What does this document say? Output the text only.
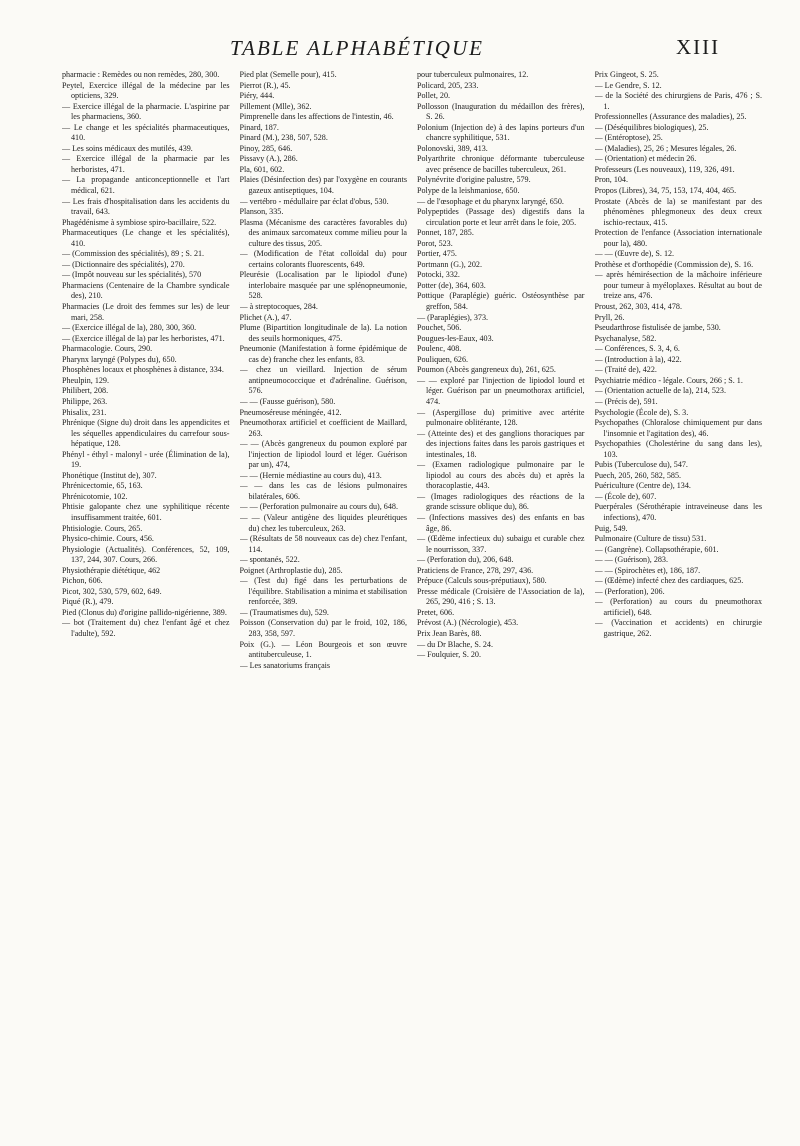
TABLE ALPHABÉTIQUE	XIII

pharmacie : Remèdes ou non remèdes, 280, 300.

Peytel, Exercice illégal de la médecine par les opticiens, 329.

— Exercice illégal de la pharmacie. L'aspirine par les pharmaciens, 360.

— Le change et les spécialités pharmaceutiques, 410.

— Les soins médicaux des mutilés, 439.

— Exercice illégal de la pharmacie par les herboristes, 471.

— La propagande anticonceptionnelle et l'art médical, 621.

— Les frais d'hospitalisation dans les accidents du travail, 643.

Phagédénisme à symbiose spiro-bacillaire, 522.

Pharmaceutiques (Le change et les spécialités), 410.

— (Commission des spécialités), 89 ; S. 21.

— (Dictionnaire des spécialités), 270.

— (Impôt nouveau sur les spécialités), 570

Pharmaciens (Centenaire de la Chambre syndicale des), 210.

Pharmacies (Le droit des femmes sur les) de leur mari, 258.

— (Exercice illégal de la), 280, 300, 360.

— (Exercice illégal de la) par les herboristes, 471.

Pharmacologie. Cours, 290.

Pharynx laryngé (Polypes du), 650.

Phosphènes locaux et phosphènes à distance, 334.

Pheulpin, 129.

Philibert, 208.

Philippe, 263.

Phisalix, 231.

Phrénique (Signe du) droit dans les appendicites et les séquelles appendiculaires du carrefour sous-hépatique, 128.

Phényl - éthyl - malonyl - urée (Élimination de la), 19.

Phonétique (Institut de), 307.

Phrénicectomie, 65, 163.

Phrénicotomie, 102.

Phtisie galopante chez une syphilitique récente insuffisamment traitée, 601.

Phtisiologie. Cours, 265.

Physico-chimie. Cours, 456.

Physiologie (Actualités). Conférences, 52, 109, 137, 244, 307. Cours, 266.

Physiothérapie diététique, 462

Pichon, 606.

Picot, 302, 530, 579, 602, 649.

Piqué (R.), 479.

Pied (Clonus du) d'origine pallido-nigérienne, 389.

— bot (Traitement du) chez l'enfant âgé et chez l'adulte), 592.

Pied plat (Semelle pour), 415.

Pierrot (R.), 45.

Piéry, 444.

Pillement (Mlle), 362.

Pimprenelle dans les affections de l'intestin, 46.

Pinard, 187.

Pinard (M.), 238, 507, 528.

Pinoy, 285, 646.

Pissavy (A.), 286.

Pla, 601, 602.

Plaies (Désinfection des) par l'oxygène en courants gazeux antiseptiques, 104.

— vertébro - médullaire par éclat d'obus, 530.

Planson, 335.

Plasma (Mécanisme des caractères favorables du) des animaux sarcomateux comme milieu pour la culture des tissus, 205.

— (Modification de l'état colloïdal du) pour certains colorants fluorescents, 649.

Pleurésie (Localisation par le lipiodol d'une) interlobaire masquée par une splénopneumonie, 528.

— à streptocoques, 284.

Plichet (A.), 47.

Plume (Bipartition longitudinale de la). La notion des seuils hormoniques, 475.

Pneumonie (Manifestation à forme épidémique de cas de) franche chez les enfants, 83.

— chez un vieillard. Injection de sérum antipneumococcique et d'adrénaline. Guérison, 576.

— — (Fausse guérison), 580.

Pneumoséreuse méningée, 412.

Pneumothorax artificiel et coefficient de Maillard, 263.

— — (Abcès gangreneux du poumon exploré par l'injection de lipiodol lourd et léger. Guérison par un), 474,

— — (Hernie médiastine au cours du), 413.

— — dans les cas de lésions pulmonaires bilatérales, 606.

— — (Perforation pulmonaire au cours du), 648.

— — (Valeur antigène des liquides pleurétiques du) chez les tuberculeux, 263.

— (Résultats de 58 nouveaux cas de) chez l'enfant, 114.

— spontanés, 522.

Poignet (Arthroplastie du), 285.

— (Test du) figé dans les perturbations de l'équilibre. Stabilisation a minima et stabilisation renforcée, 389.

— (Traumatismes du), 529.

Poisson (Conservation du) par le froid, 102, 186, 283, 358, 597.

Poix (G.). — Léon Bourgeois et son œuvre antituberculeuse, 1.

— Les sanatoriums français

pour tuberculeux pulmonaires, 12.

Policard, 205, 233.

Pollet, 20.

Pollosson (Inauguration du médaillon des frères), S. 26.

Polonium (Injection de) à des lapins porteurs d'un chancre syphilitique, 531.

Polonovski, 389, 413.

Polyarthrite chronique déformante tuberculeuse avec présence de bacilles tuberculeux, 261.

Polynévrite d'origine palustre, 579.

Polype de la leishmaniose, 650.

— de l'œsophage et du pharynx laryngé, 650.

Polypeptides (Passage des) digestifs dans la circulation porte et leur arrêt dans le foie, 205.

Ponnet, 187, 285.

Porot, 523.

Portier, 475.

Portmann (G.), 202.

Potocki, 332.

Potter (de), 364, 603.

Pottique (Paraplégie) guéric. Ostéosynthèse par greffon, 584.

— (Paraplégies), 373.

Pouchet, 506.

Pougues-les-Eaux, 403.

Poulenc, 408.

Pouliquen, 626.

Poumon (Abcès gangreneux du), 261, 625.

— — exploré par l'injection de lipiodol lourd et léger. Guérison par un pneumothorax artificiel, 474.

— (Aspergillose du) primitive avec artérite pulmonaire oblitérante, 128.

— (Atteinte des) et des ganglions thoraciques par des injections faites dans les parois gastriques et intestinales, 18.

— (Examen radiologique pulmonaire par le lipiodol au cours des abcès du) et après la thoracoplastie, 443.

— (Images radiologiques des réactions de la grande scissure oblique du), 86.

— (Infections massives des) des enfants en bas âge, 86.

— (Œdème infectieux du) subaigu et curable chez le nourrisson, 337.

— (Perforation du), 206, 648.

Praticiens de France, 278, 297, 436.

Prépuce (Calculs sous-préputiaux), 580.

Presse médicale (Croisière de l'Association de la), 265, 290, 416 ; S. 13.

Pretet, 606.

Prévost (A.) (Nécrologie), 453.

Prix Jean Barès, 88.

— du Dr Blache, S. 24.

— Foulquier, S. 20.

Prix Gingeot, S. 25.

— Le Gendre, S. 12.

— de la Société des chirurgiens de Paris, 476 ; S. 1.

Professionnelles (Assurance des maladies), 25.

— (Déséquilibres biologiques), 25.

— (Entéroptose), 25.

— (Maladies), 25, 26 ; Mesures légales, 26.

— (Orientation) et médecin 26.

Professeurs (Les nouveaux), 119, 326, 491.

Pron, 104.

Propos (Libres), 34, 75, 153, 174, 404, 465.

Prostate (Abcès de la) se manifestant par des phénomènes phlegmoneux des deux creux ischio-rectaux, 415.

Protection de l'enfance (Association internationale pour la), 480.

— — (Œuvre de), S. 12.

Prothèse et d'orthopédie (Commission de), S. 16.

— après hémirésection de la mâchoire inférieure pour tumeur à myéloplaxes. Résultat au bout de treize ans, 476.

Proust, 262, 303, 414, 478.

Pryll, 26.

Pseudarthrose fistulisée de jambe, 530.

Psychanalyse, 582.

— Conférences, S. 3, 4, 6.

— (Introduction à la), 422.

— (Traité de), 422.

Psychiatrie médico - légale. Cours, 266 ; S. 1.

— (Orientation actuelle de la), 214, 523.

— (Précis de), 591.

Psychologie (École de), S. 3.

Psychopathes (Chloralose chimiquement pur dans l'insomnie et l'agitation des), 46.

Psychopathies (Cholestérine du sang dans les), 103.

Pubis (Tuberculose du), 547.

Puech, 205, 260, 582, 585.

Puériculture (Centre de), 134.

— (École de), 607.

Puerpérales (Sérothérapie intraveineuse dans les infections), 470.

Puig, 549.

Pulmonaire (Culture de tissu) 531.

— (Gangrène). Collapsothérapie, 601.

— — (Guérison), 283.

— — (Spirochètes et), 186, 187.

— (Œdème) infecté chez des cardiaques, 625.

— (Perforation), 206.

— (Perforation) au cours du pneumothorax artificiel), 648.

— (Vaccination et accidents) en chirurgie gastrique, 262.
